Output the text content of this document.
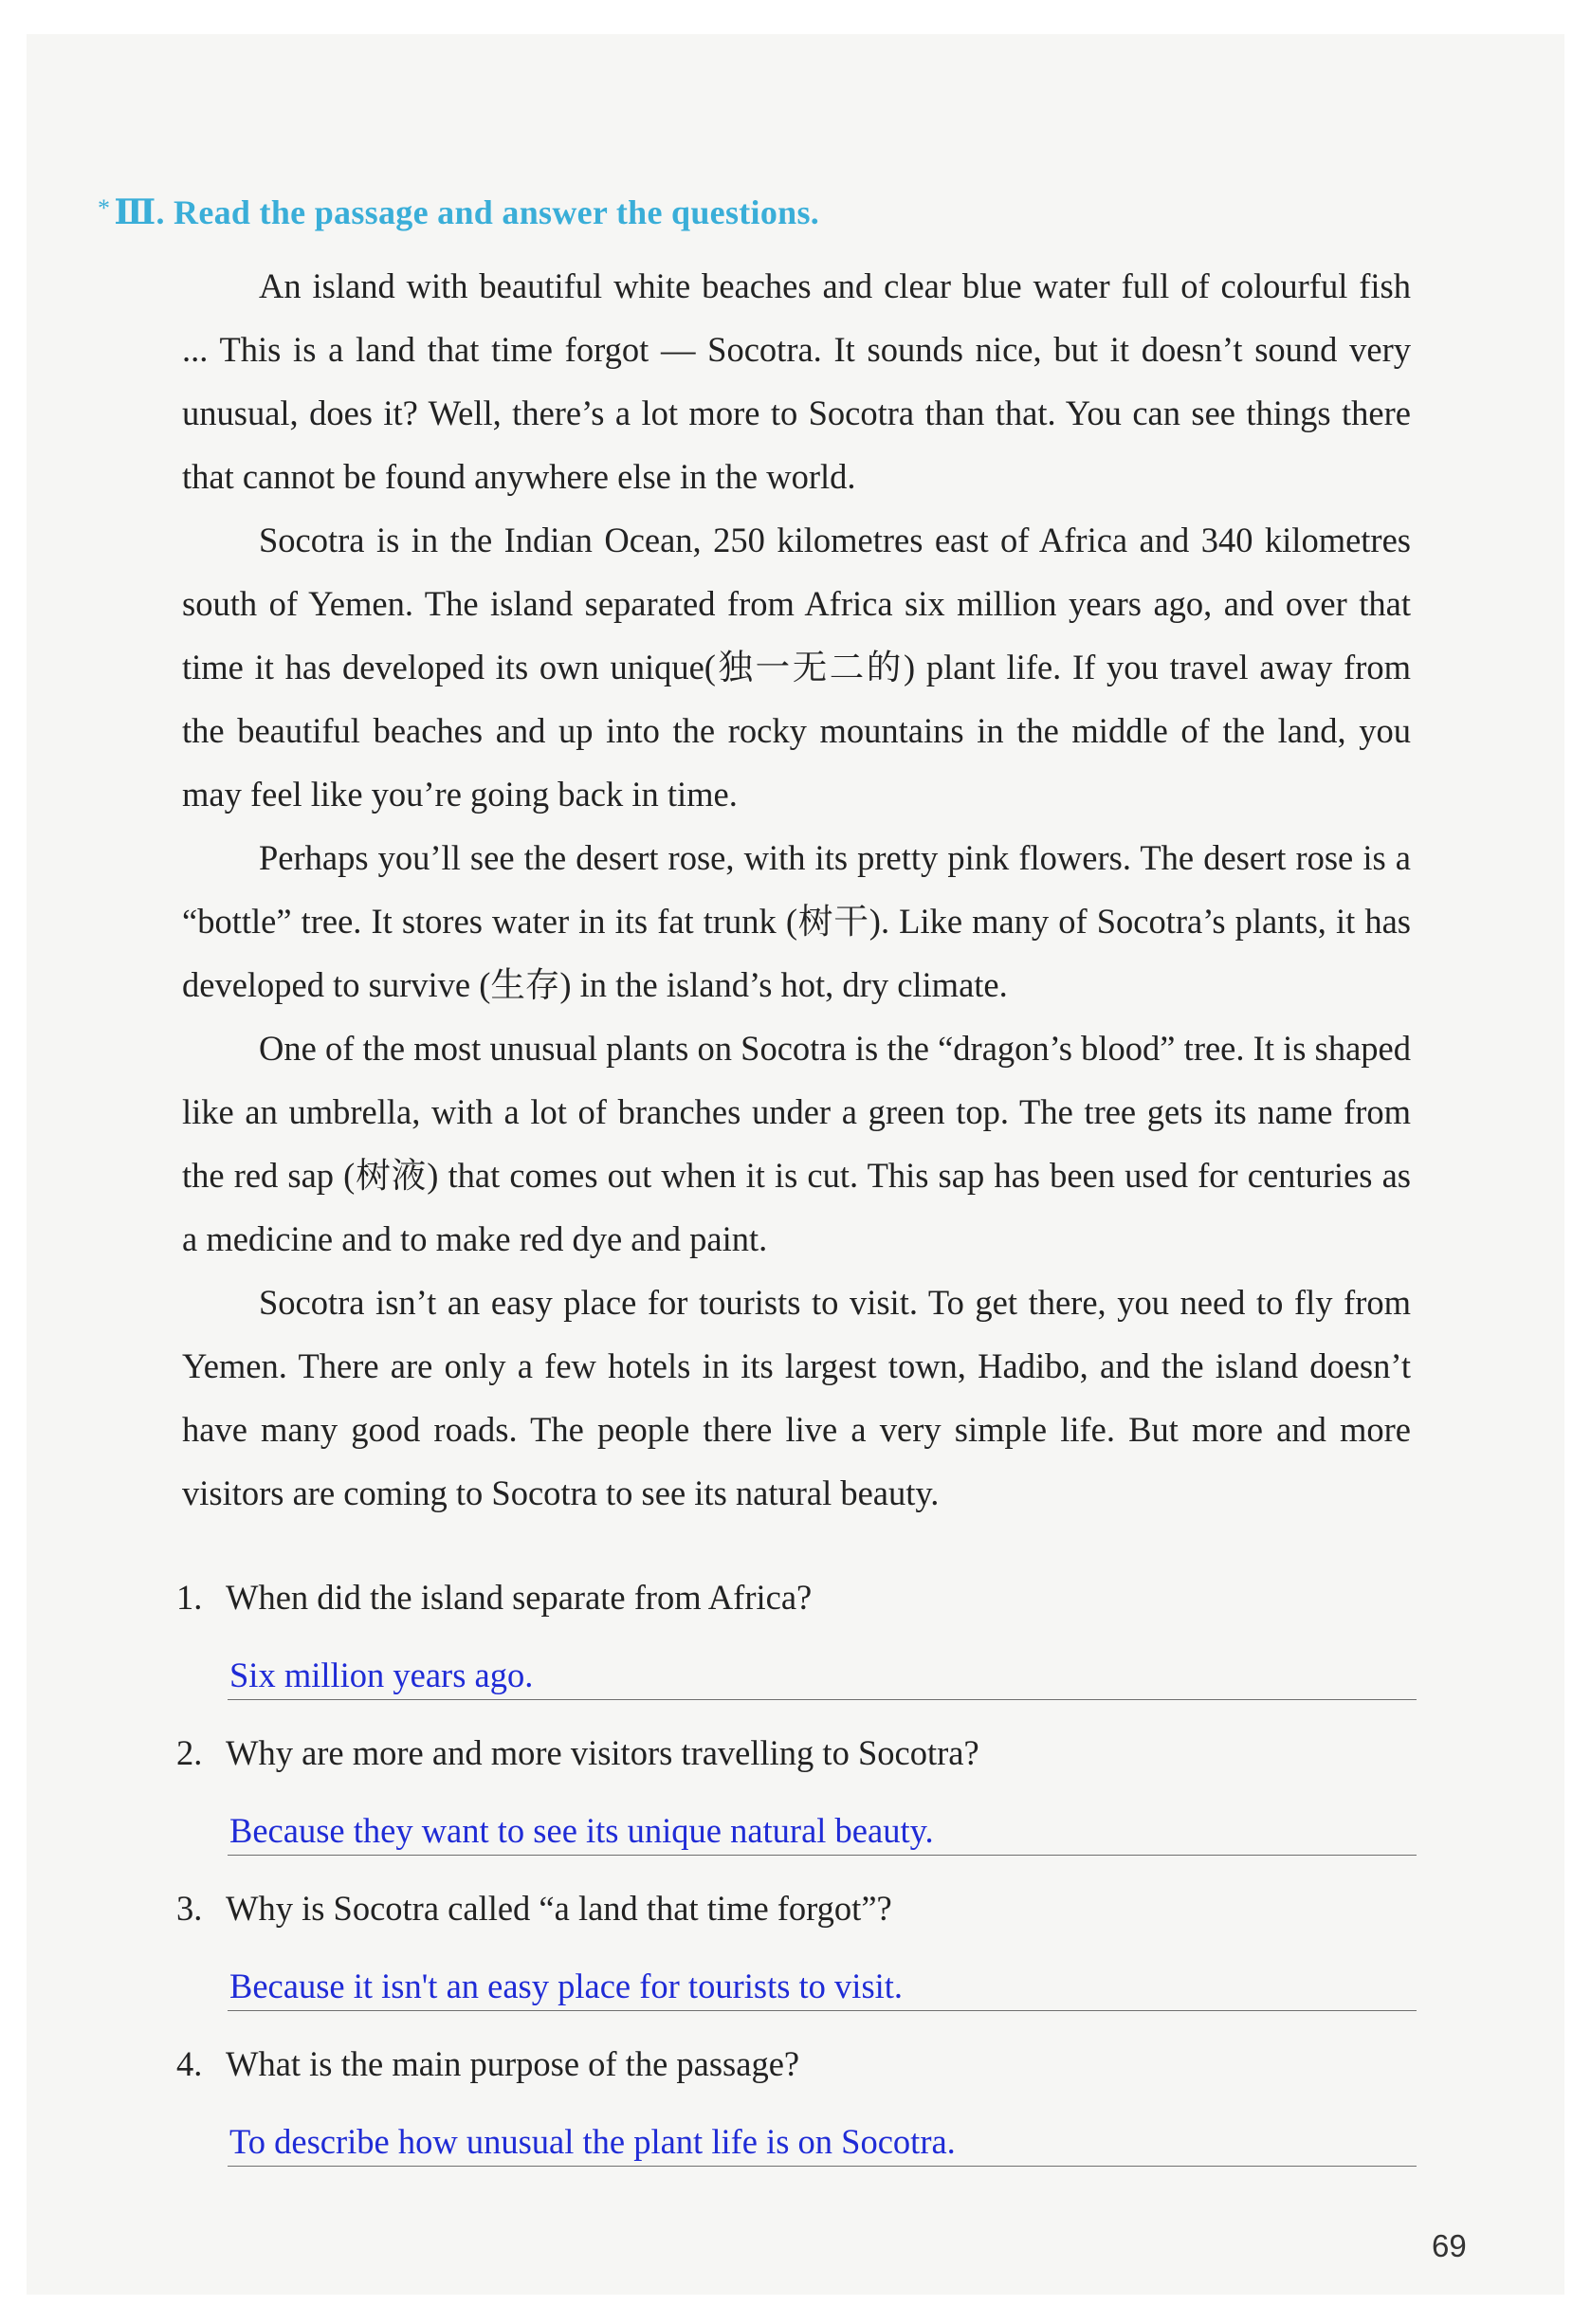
* Ⅲ. Read the passage and answer the questions.

An island with beautiful white beaches and clear blue water full of colourful fish ... This is a land that time forgot — Socotra. It sounds nice, but it doesn’t sound very unusual, does it? Well, there’s a lot more to Socotra than that. You can see things there that cannot be found anywhere else in the world.

Socotra is in the Indian Ocean, 250 kilometres east of Africa and 340 kilometres south of Yemen. The island separated from Africa six million years ago, and over that time it has developed its own unique(独一无二的) plant life. If you travel away from the beautiful beaches and up into the rocky mountains in the middle of the land, you may feel like you’re going back in time.

Perhaps you’ll see the desert rose, with its pretty pink flowers. The desert rose is a “bottle” tree. It stores water in its fat trunk (树干). Like many of Socotra’s plants, it has developed to survive (生存) in the island’s hot, dry climate.

One of the most unusual plants on Socotra is the “dragon’s blood” tree. It is shaped like an umbrella, with a lot of branches under a green top. The tree gets its name from the red sap (树液) that comes out when it is cut. This sap has been used for centuries as a medicine and to make red dye and paint.

Socotra isn’t an easy place for tourists to visit. To get there, you need to fly from Yemen. There are only a few hotels in its largest town, Hadibo, and the island doesn’t have many good roads. The people there live a very simple life. But more and more visitors are coming to Socotra to see its natural beauty.

1. When did the island separate from Africa?
Six million years ago.
2. Why are more and more visitors travelling to Socotra?
Because they want to see its unique natural beauty.
3. Why is Socotra called “a land that time forgot”?
Because it isn't an easy place for tourists to visit.
4. What is the main purpose of the passage?
To describe how unusual the plant life is on Socotra.
69
